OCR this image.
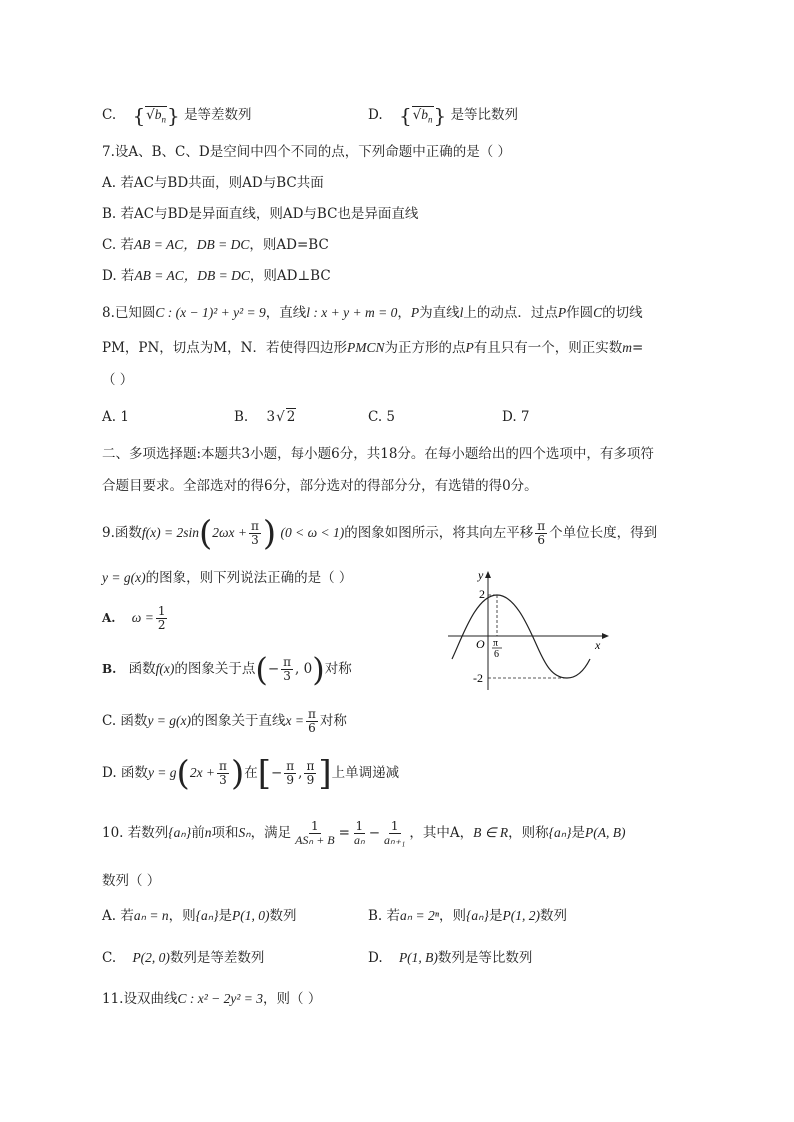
C. $\{√b_n\}$ 是等差数列	D. $\{√b_n\}$ 是等比数列
7.设A、B、C、D是空间中四个不同的点，下列命题中正确的是（ ）
A. 若AC与BD共面，则AD与BC共面
B. 若AC与BD是异面直线，则AD与BC也是异面直线
C. 若AB = AC，DB = DC，则AD=BC
D. 若AB = AC，DB = DC，则AD⊥BC
8.已知圆C : (x − 1)² + y² = 9，直线l : x + y + m = 0，P为直线l上的动点．过点P作圆C的切线
PM，PN，切点为M，N．若使得四边形PMCN为正方形的点P有且只有一个，则正实数m=
（ ）
A. 1	B. 3√ 2	C. 5	D. 7
二、多项选择题:本题共3小题，每小题6分，共18分。在每小题给出的四个选项中，有多项符
合题目要求。全部选对的得6分，部分选对的得部分分，有选错的得0分。
9.函数$f(x) = 2\sin(2\omega x + \frac{\pi}{3}$ ) (0 < ω < 1)的图象如图所示，将其向左平移 $\frac{\pi}{6}$ 个单位长度，得到
y = g(x)的图象，则下列说法正确的是（ ）
A. $\omega = \frac{1}{2}$
B. 函数f(x)的图象关于点(− $\frac{\pi}{3}$ , 0)对称
C. 函数y = g(x)的图象关于直线$x = \frac{\pi}{6}$ 对称
D. 函数$y = g(2x + \frac{\pi}{3}$ )在[− $\frac{\pi}{9}$ , $\frac{\pi}{9}$ ]上单调递减
y
x
O
2
-2
π
6
10. 若数列{aₙ}前n项和Sₙ，满足 $\frac{1}{\text{ASₙ + B}} = \frac{1}{\text{aₙ}} - \frac{1}{\text{aₙ₊₁}}$ ，其中A，B ∈ R，则称{aₙ}是P(A, B)
数列（ ）
A. 若aₙ = n，则{aₙ}是P(1, 0)数列	B. 若aₙ = 2ⁿ，则{aₙ}是P(1, 2)数列
C. P(2, 0)数列是等差数列	D. P(1, B)数列是等比数列
11.设双曲线C : x² − 2y² = 3，则（ ）
